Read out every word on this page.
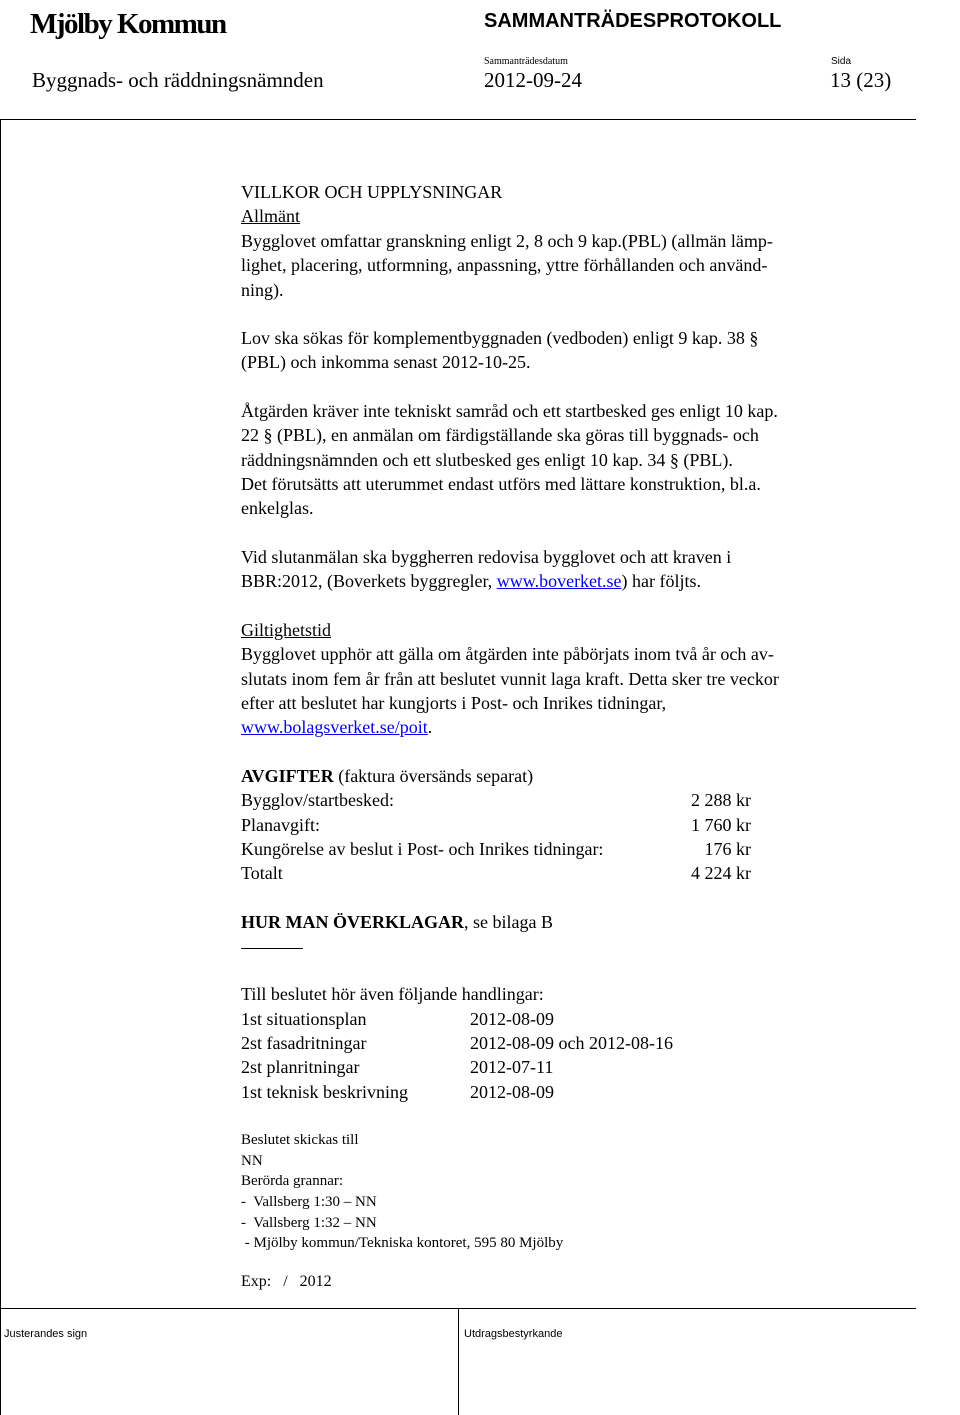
Mjölby Kommun	SAMMANTRÄDESPROTOKOLL
Sammanträdesdatum	Sida
Byggnads- och räddningsnämnden	2012-09-24	13 (23)

VILLKOR OCH UPPLYSNINGAR

Allmänt

Bygglovet omfattar granskning enligt 2, 8 och 9 kap.(PBL) (allmän lämp-

lighet, placering, utformning, anpassning, yttre förhållanden och använd-

ning).

Lov ska sökas för komplementbyggnaden (vedboden) enligt 9 kap. 38 §

(PBL) och inkomma senast 2012-10-25.

Åtgärden kräver inte tekniskt samråd och ett startbesked ges enligt 10 kap.

22 § (PBL), en anmälan om färdigställande ska göras till byggnads- och

räddningsnämnden och ett slutbesked ges enligt 10 kap. 34 § (PBL).

Det förutsätts att uterummet endast utförs med lättare konstruktion, bl.a.

enkelglas.

Vid slutanmälan ska byggherren redovisa bygglovet och att kraven i

BBR:2012, (Boverkets byggregler, www.boverket.se) har följts.

Giltighetstid

Bygglovet upphör att gälla om åtgärden inte påbörjats inom två år och av-

slutats inom fem år från att beslutet vunnit laga kraft. Detta sker tre veckor

efter att beslutet har kungjorts i Post- och Inrikes tidningar,

www.bolagsverket.se/poit.

AVGIFTER (faktura översänds separat)

Bygglov/startbesked:	2 288 kr
Planavgift:	1 760 kr
Kungörelse av beslut i Post- och Inrikes tidningar:	176 kr
Totalt	4 224 kr

HUR MAN ÖVERKLAGAR, se bilaga B

Till beslutet hör även följande handlingar:

1st situationsplan	2012-08-09
2st fasadritningar	2012-08-09 och 2012-08-16
2st planritningar	2012-07-11
1st teknisk beskrivning	2012-08-09

Beslutet skickas till

NN

Berörda grannar:

-  Vallsberg 1:30 – NN

-  Vallsberg 1:32 – NN

- Mjölby kommun/Tekniska kontoret, 595 80 Mjölby

Exp:   /   2012

Justerandes sign	Utdragsbestyrkande
